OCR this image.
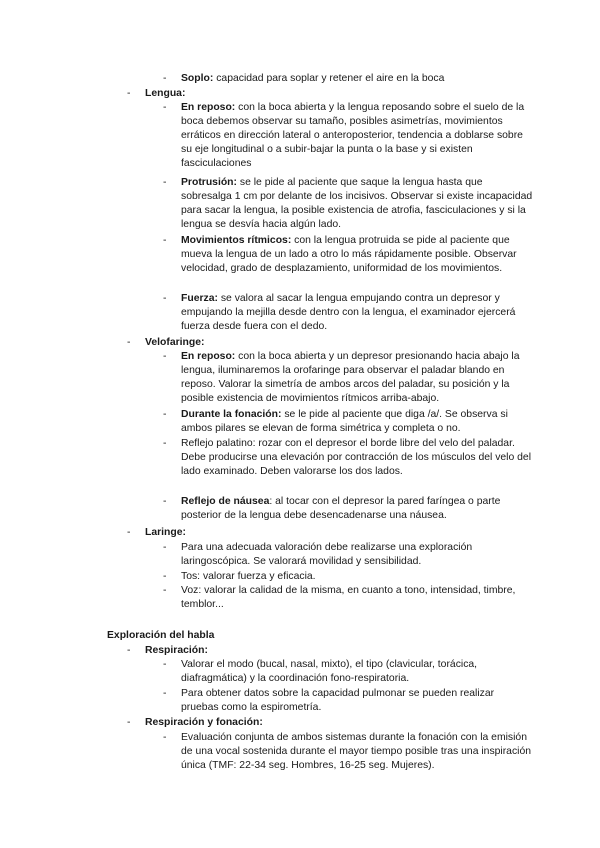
- Soplo: capacidad para soplar y retener el aire en la boca
- Lengua:
- En reposo: con la boca abierta y la lengua reposando sobre el suelo de la boca debemos observar su tamaño, posibles asimetrías, movimientos erráticos en dirección lateral o anteroposterior, tendencia a doblarse sobre su eje longitudinal o a subir-bajar la punta o la base y si existen fasciculaciones
- Protrusión: se le pide al paciente que saque la lengua hasta que sobresalga 1 cm por delante de los incisivos. Observar si existe incapacidad para sacar la lengua, la posible existencia de atrofia, fasciculaciones y si la lengua se desvía hacia algún lado.
- Movimientos rítmicos: con la lengua protruida se pide al paciente que mueva la lengua de un lado a otro lo más rápidamente posible. Observar velocidad, grado de desplazamiento, uniformidad de los movimientos.
- Fuerza: se valora al sacar la lengua empujando contra un depresor y empujando la mejilla desde dentro con la lengua, el examinador ejercerá fuerza desde fuera con el dedo.
- Velofaringe:
- En reposo: con la boca abierta y un depresor presionando hacia abajo la lengua, iluminaremos la orofaringe para observar el paladar blando en reposo. Valorar la simetría de ambos arcos del paladar, su posición y la posible existencia de movimientos rítmicos arriba-abajo.
- Durante la fonación: se le pide al paciente que diga /a/. Se observa si ambos pilares se elevan de forma simétrica y completa o no.
- Reflejo palatino: rozar con el depresor el borde libre del velo del paladar.
Debe producirse una elevación por contracción de los músculos del velo del lado examinado. Deben valorarse los dos lados.
- Reflejo de náusea: al tocar con el depresor la pared faríngea o parte posterior de la lengua debe desencadenarse una náusea.
- Laringe:
- Para una adecuada valoración debe realizarse una exploración laringoscópica. Se valorará movilidad y sensibilidad.
- Tos: valorar fuerza y eficacia.
- Voz: valorar la calidad de la misma, en cuanto a tono, intensidad, timbre, temblor...
Exploración del habla
- Respiración:
- Valorar el modo (bucal, nasal, mixto), el tipo (clavicular, torácica, diafragmática) y la coordinación fono-respiratoria.
- Para obtener datos sobre la capacidad pulmonar se pueden realizar pruebas como la espirometría.
- Respiración y fonación:
- Evaluación conjunta de ambos sistemas durante la fonación con la emisión de una vocal sostenida durante el mayor tiempo posible tras una inspiración única (TMF: 22-34 seg. Hombres, 16-25 seg. Mujeres).
